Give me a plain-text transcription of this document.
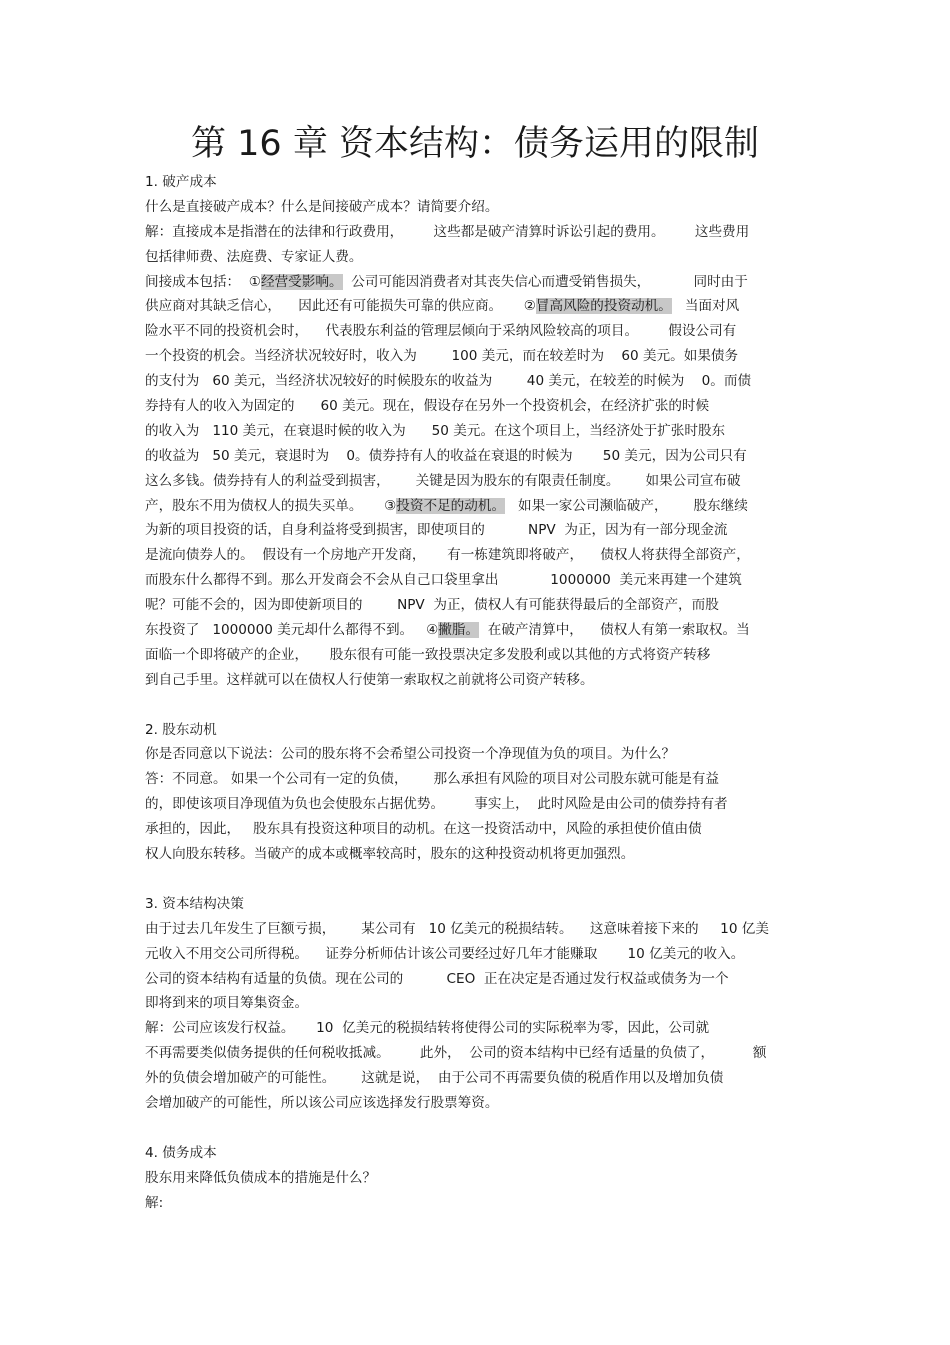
第 16 章 资本结构：债务运用的限制
1. 破产成本
什么是直接破产成本？什么是间接破产成本？请简要介绍。
解：直接成本是指潜在的法律和行政费用，       这些都是破产清算时诉讼引起的费用。       这些费用
包括律师费、法庭费、专家证人费。
间接成本包括：  ①经营受影响。  公司可能因消费者对其丧失信心而遭受销售损失，          同时由于
供应商对其缺乏信心，    因此还有可能损失可靠的供应商。     ②冒高风险的投资动机。   当面对风
险水平不同的投资机会时，    代表股东利益的管理层倾向于采纳风险较高的项目。       假设公司有
一个投资的机会。当经济状况较好时，收入为        100 美元，而在较差时为    60 美元。如果债务
的支付为   60 美元，当经济状况较好的时候股东的收益为        40 美元，在较差的时候为    0。而债
券持有人的收入为固定的      60 美元。现在，假设存在另外一个投资机会，在经济扩张的时候
的收入为   110 美元，在衰退时候的收入为      50 美元。在这个项目上，当经济处于扩张时股东
的收益为   50 美元，衰退时为    0。债券持有人的收益在衰退的时候为       50 美元，因为公司只有
这么多钱。债券持有人的利益受到损害，      关键是因为股东的有限责任制度。      如果公司宣布破
产，股东不用为债权人的损失买单。     ③投资不足的动机。   如果一家公司濒临破产，      股东继续
为新的项目投资的话，自身利益将受到损害，即使项目的          NPV  为正，因为有一部分现金流
是流向债券人的。  假设有一个房地产开发商，     有一栋建筑即将破产，    债权人将获得全部资产，
而股东什么都得不到。那么开发商会不会从自己口袋里拿出            1000000  美元来再建一个建筑
呢？可能不会的，因为即使新项目的        NPV  为正，债权人有可能获得最后的全部资产，而股
东投资了   1000000 美元却什么都得不到。   ④撇脂。  在破产清算中，    债权人有第一索取权。当
面临一个即将破产的企业，     股东很有可能一致投票决定多发股利或以其他的方式将资产转移
到自己手里。这样就可以在债权人行使第一索取权之前就将公司资产转移。
2. 股东动机
你是否同意以下说法：公司的股东将不会希望公司投资一个净现值为负的项目。为什么？
答：不同意。 如果一个公司有一定的负债，      那么承担有风险的项目对公司股东就可能是有益
的，即使该项目净现值为负也会使股东占据优势。       事实上，  此时风险是由公司的债券持有者
承担的，因此，   股东具有投资这种项目的动机。在这一投资活动中，风险的承担使价值由债
权人向股东转移。当破产的成本或概率较高时，股东的这种投资动机将更加强烈。
3. 资本结构决策
由于过去几年发生了巨额亏损，      某公司有   10 亿美元的税损结转。    这意味着接下来的     10 亿美
元收入不用交公司所得税。    证券分析师估计该公司要经过好几年才能赚取       10 亿美元的收入。
公司的资本结构有适量的负债。现在公司的          CEO  正在决定是否通过发行权益或债务为一个
即将到来的项目筹集资金。
解：公司应该发行权益。     10  亿美元的税损结转将使得公司的实际税率为零，因此，公司就
不再需要类似债务提供的任何税收抵减。       此外，  公司的资本结构中已经有适量的负债了，         额
外的负债会增加破产的可能性。      这就是说，  由于公司不再需要负债的税盾作用以及增加负债
会增加破产的可能性，所以该公司应该选择发行股票筹资。
4. 债务成本
股东用来降低负债成本的措施是什么？
解:
